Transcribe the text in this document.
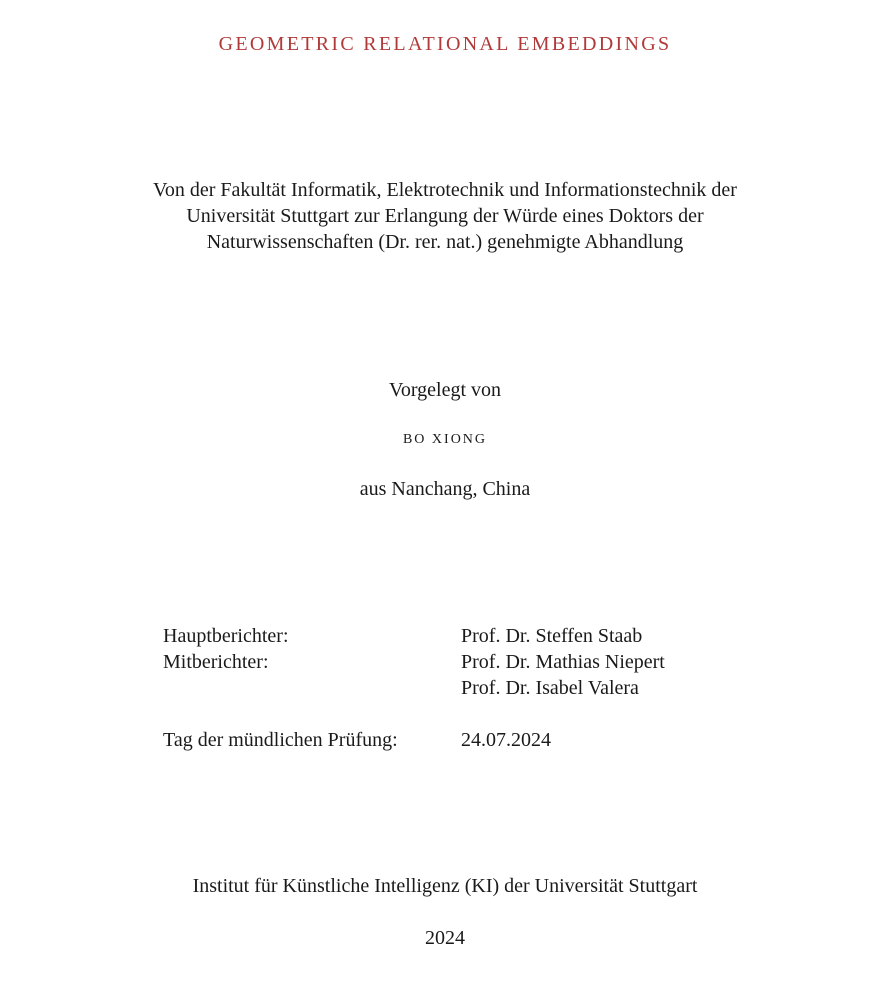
GEOMETRIC RELATIONAL EMBEDDINGS
Von der Fakultät Informatik, Elektrotechnik und Informationstechnik der
Universität Stuttgart zur Erlangung der Würde eines Doktors der
Naturwissenschaften (Dr. rer. nat.) genehmigte Abhandlung
Vorgelegt von
BO XIONG
aus Nanchang, China
Hauptberichter:	Prof. Dr. Steffen Staab
Mitberichter:	Prof. Dr. Mathias Niepert
Prof. Dr. Isabel Valera
Tag der mündlichen Prüfung:	24.07.2024
Institut für Künstliche Intelligenz (KI) der Universität Stuttgart
2024
